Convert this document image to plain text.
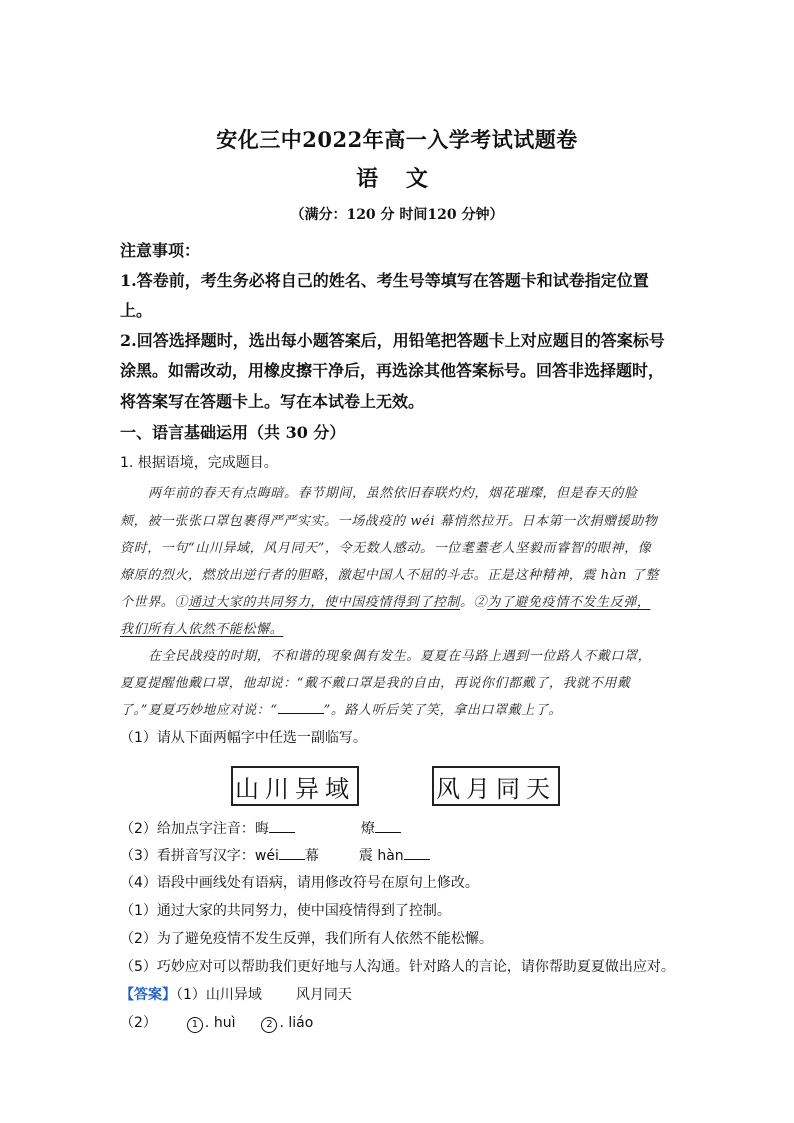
安化三中2022年高一入学考试试题卷
语 文
（满分：120 分 时间120 分钟）
注意事项：
1.答卷前，考生务必将自己的姓名、考生号等填写在答题卡和试卷指定位置
上。
2.回答选择题时，选出每小题答案后，用铅笔把答题卡上对应题目的答案标号
涂黑。如需改动，用橡皮擦干净后，再选涂其他答案标号。回答非选择题时，
将答案写在答题卡上。写在本试卷上无效。
一、语言基础运用（共 30 分）
1. 根据语境，完成题目。
两年前的春天有点晦暗。春节期间，虽然依旧春联灼灼，烟花璀璨，但是春天的脸
颊，被一张张口罩包裹得严严实实。一场战疫的 wéi 幕悄然拉开。日本第一次捐赠援助物
资时，一句“山川异域，风月同天”，令无数人感动。一位耄耋老人坚毅而睿智的眼神，像
燎原的烈火，燃放出逆行者的胆略，激起中国人不屈的斗志。正是这种精神，震 hàn 了整
个世界。①通过大家的共同努力，使中国疫情得到了控制。②为了避免疫情不发生反弹，
我们所有人依然不能松懈。
在全民战疫的时期，不和谐的现象偶有发生。夏夏在马路上遇到一位路人不戴口罩，
夏夏提醒他戴口罩，他却说：“戴不戴口罩是我的自由，再说你们都戴了，我就不用戴
了。”夏夏巧妙地应对说：“	”。路人听后笑了笑，拿出口罩戴上了。
（1）请从下面两幅字中任选一副临写。
山川异域	风月同天
（2）给加点字注音：晦	燎
（3）看拼音写汉字：wéi 幕	震 hàn
（4）语段中画线处有语病，请用修改符号在原句上修改。
（1）通过大家的共同努力，使中国疫情得到了控制。
（2）为了避免疫情不发生反弹，我们所有人依然不能松懈。
（5）巧妙应对可以帮助我们更好地与人沟通。针对路人的言论，请你帮助夏夏做出应对。
【答案】（1）山川异域 风月同天
（2）	1 . huì	2 . liáo
